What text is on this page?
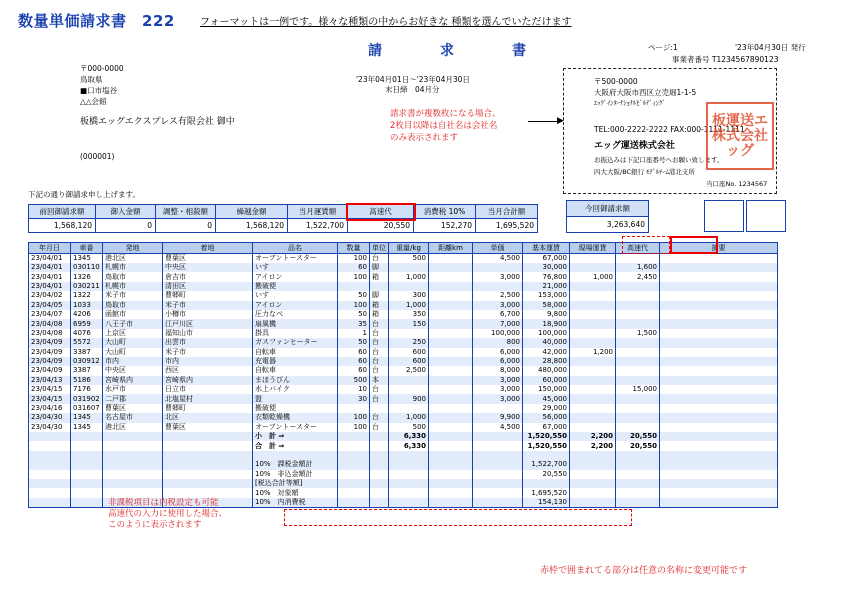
数量単価請求書　222	フォーマットは一例です。様々な種類の中からお好きな 種類を選んでいただけます
請　求　書	ページ:1	'23年04月30日 発行
事業者番号 T1234567890123
〒000-0000
鳥取県
■口市塩谷
△△会館
板橋エッグエクスプレス有限会社 御中
(000001)
'23年04月01日～'23年04月30日
末日締　04月分
請求書が複数枚になる場合、
2枚目以降は自社名は会社名
のみ表示されます
▶
〒500-0000
大阪府大阪市西区立売堀1-1-5
ｴｯｸﾞｲﾝﾀｰﾅｼｮﾅﾙﾋﾞﾙﾃﾞｨﾝｸﾞ
TEL:000-2222-2222 FAX:000-1111-1111
エッグ運送株式会社
お振込みは下記口座番号へお願い致します。
四大大阪/BC銀行 ﾓﾃﾞﾙﾁｰﾑ港北支所
当口座No. 1234567
板運送エ株式会社ッグ
下記の通り御請求申し上げます。
前回御請求額	御入金額	調整・相殺額	繰越金額	当月運賃額	高速代	消費税 10%	当月合計額
1,568,120	0	0	1,568,120	1,522,700	20,550	152,270	1,695,520
今回御請求額
3,263,640
年月日	車番	発地	着地	品名	数量	単位	重量/kg	距離km	単価	基本運賃	現場運賃	高速代	摘要
23/04/01	1345	港北区	曹葉区	オーブントースター	100	台	500		4,500	67,000			
23/04/01	030110	札幌市	中央区	いす	60	脚				30,000		1,600	
23/04/01	1326	鳥取市	倉吉市	アイロン	100	箱	1,000		3,000	76,800	1,000	2,450	
23/04/01	030211	札幌市	清田区	搬破便						21,000			
23/04/02	1322	米子市	曹郷町	いす	50	脚	300		2,500	153,000			
23/04/05	1033	鳥取市	米子市	アイロン	100	箱	1,000		3,000	58,000			
23/04/07	4206	函館市	小樽市	圧力なべ	50	箱	350		6,700	9,800			
23/04/08	6959	八王子市	江戸川区	扇風機	35	台	150		7,000	18,900			
23/04/08	4076	上京区	福知山市	掛具	1	台			100,000	100,000		1,500	
23/04/09	5572	大山町	出雲市	ガスファンヒーター	50	台	250		800	40,000			
23/04/09	3387	大山町	米子市	自転車	60	台	600		6,000	42,000	1,200		
23/04/09	030912	市内	市内	充電器	60	台	600		6,000	28,800			
23/04/09	3387	中央区	西区	自転車	60	台	2,500		8,000	480,000			
23/04/13	5186	宮崎県内	宮崎県内	まほうびん	500	本			3,000	60,000			
23/04/15	7176	水戸市	日立市	水上バイク	10	台			3,000	150,000		15,000	
23/04/15	031902	二戸郡	北塩屋村	盟	30	台	900		3,000	45,000			
23/04/16	031607	曹葉区	曹郷町	搬破便						29,000			
23/04/30	1345	名古屋市	北区	衣類乾燥機	100	台	1,000		9,900	56,000			
23/04/30	1345	港北区	曹葉区	オーブントースター	100	台	500		4,500	67,000			
				小　計 ⇒			6,330			1,520,550	2,200	20,550	
				合　計 ⇒			6,330			1,520,550	2,200	20,550	

				10%　課税金額計						1,522,700			
				10%　非込金額計						20,550			
				[税込合計等額]									
				10%　対象額						1,695,520			
				10%　内消費税						154,130			
非課税項目は内税設定も可能
高速代の入力に使用した場合、
このように表示されます
赤枠で囲まれてる部分は任意の名称に変更可能です
